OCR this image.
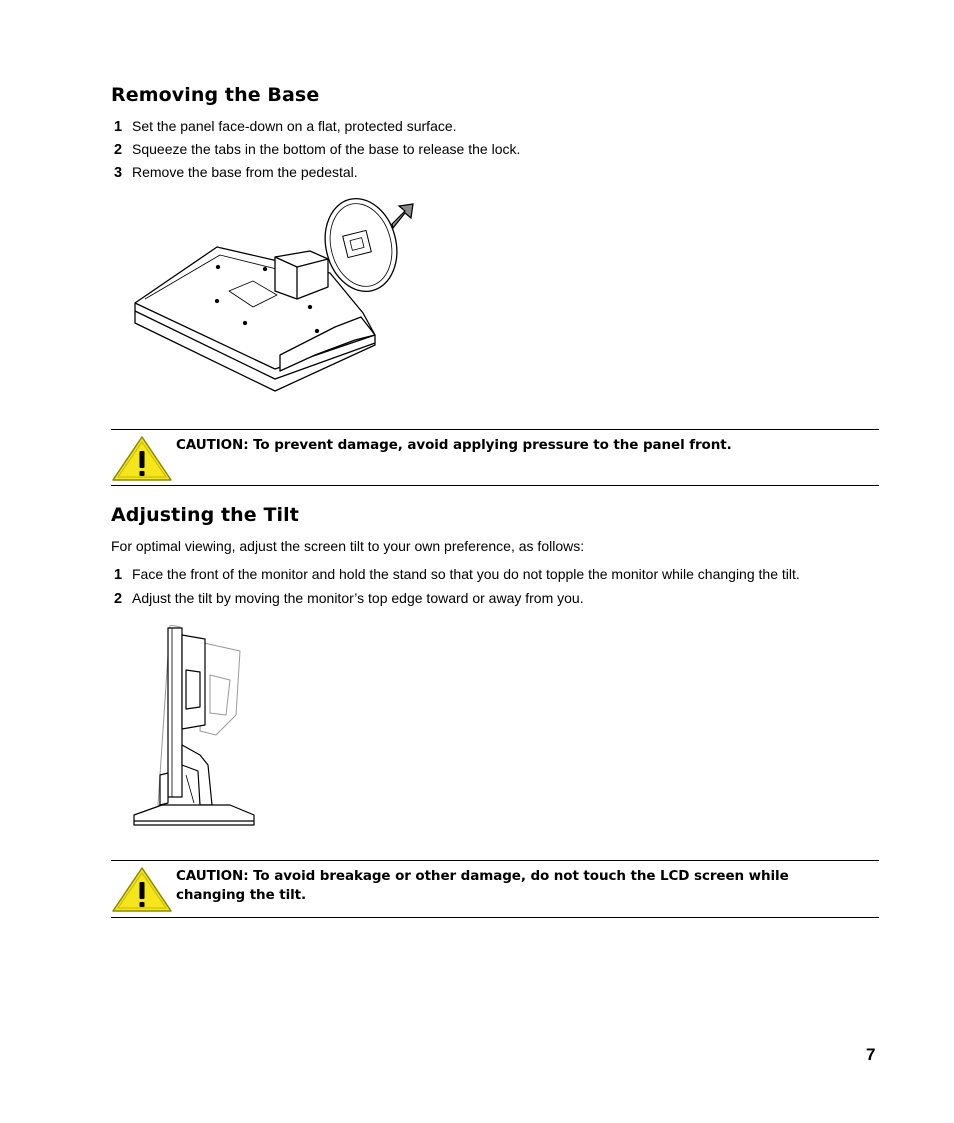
Removing the Base
1 Set the panel face-down on a flat, protected surface.
2 Squeeze the tabs in the bottom of the base to release the lock.
3 Remove the base from the pedestal.
CAUTION: To prevent damage, avoid applying pressure to the panel front.
Adjusting the Tilt
For optimal viewing, adjust the screen tilt to your own preference, as follows:
1 Face the front of the monitor and hold the stand so that you do not topple the monitor while changing the tilt.
2 Adjust the tilt by moving the monitor’s top edge toward or away from you.
CAUTION: To avoid breakage or other damage, do not touch the LCD screen while changing the tilt.
7
